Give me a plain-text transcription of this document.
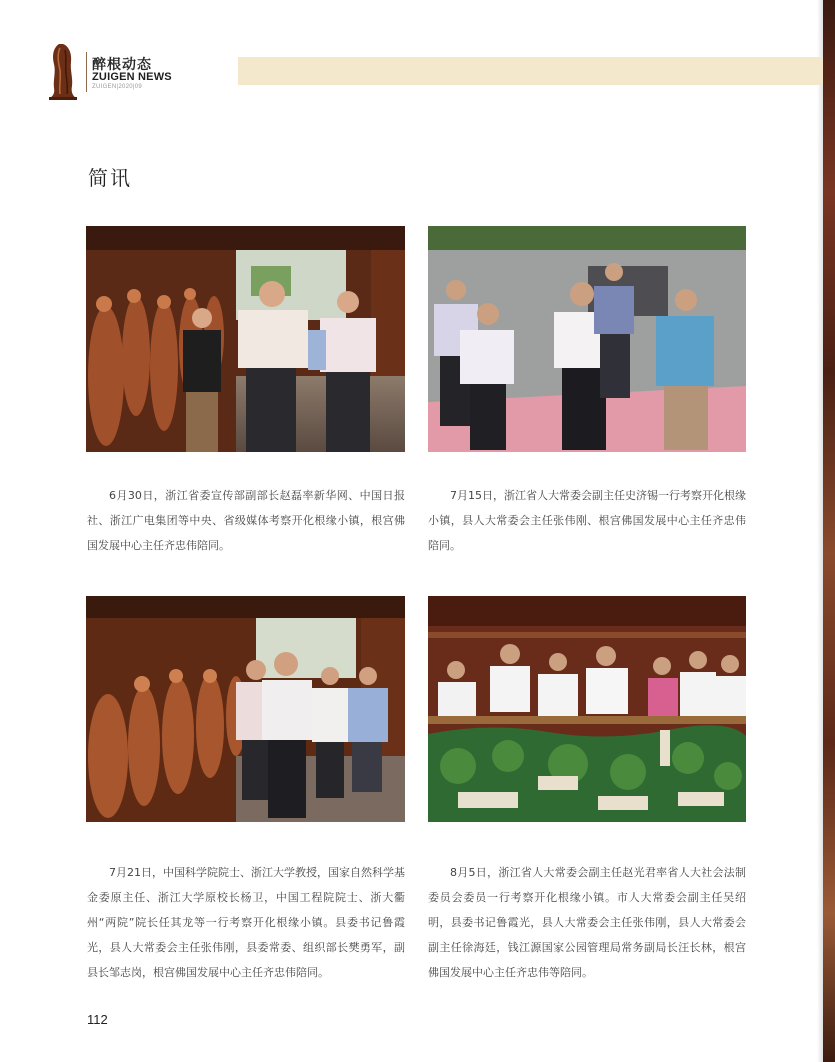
醉根动态
ZUIGEN NEWS
ZUIGEN|2020|09
简讯

6月30日，浙江省委宣传部副部长赵磊率新华网、中国日报社、浙江广电集团等中央、省级媒体考察开化根缘小镇，根宫佛国发展中心主任齐忠伟陪同。

7月15日，浙江省人大常委会副主任史济锡一行考察开化根缘小镇，县人大常委会主任张伟刚、根宫佛国发展中心主任齐忠伟陪同。

7月21日，中国科学院院士、浙江大学教授，国家自然科学基金委原主任、浙江大学原校长杨卫，中国工程院院士、浙大衢州“两院”院长任其龙等一行考察开化根缘小镇。县委书记鲁霞光，县人大常委会主任张伟刚，县委常委、组织部长樊勇军，副县长邹志岗，根宫佛国发展中心主任齐忠伟陪同。

8月5日，浙江省人大常委会副主任赵光君率省人大社会法制委员会委员一行考察开化根缘小镇。市人大常委会副主任吴绍明，县委书记鲁霞光，县人大常委会主任张伟刚，县人大常委会副主任徐海廷，钱江源国家公园管理局常务副局长汪长林，根宫佛国发展中心主任齐忠伟等陪同。

112
